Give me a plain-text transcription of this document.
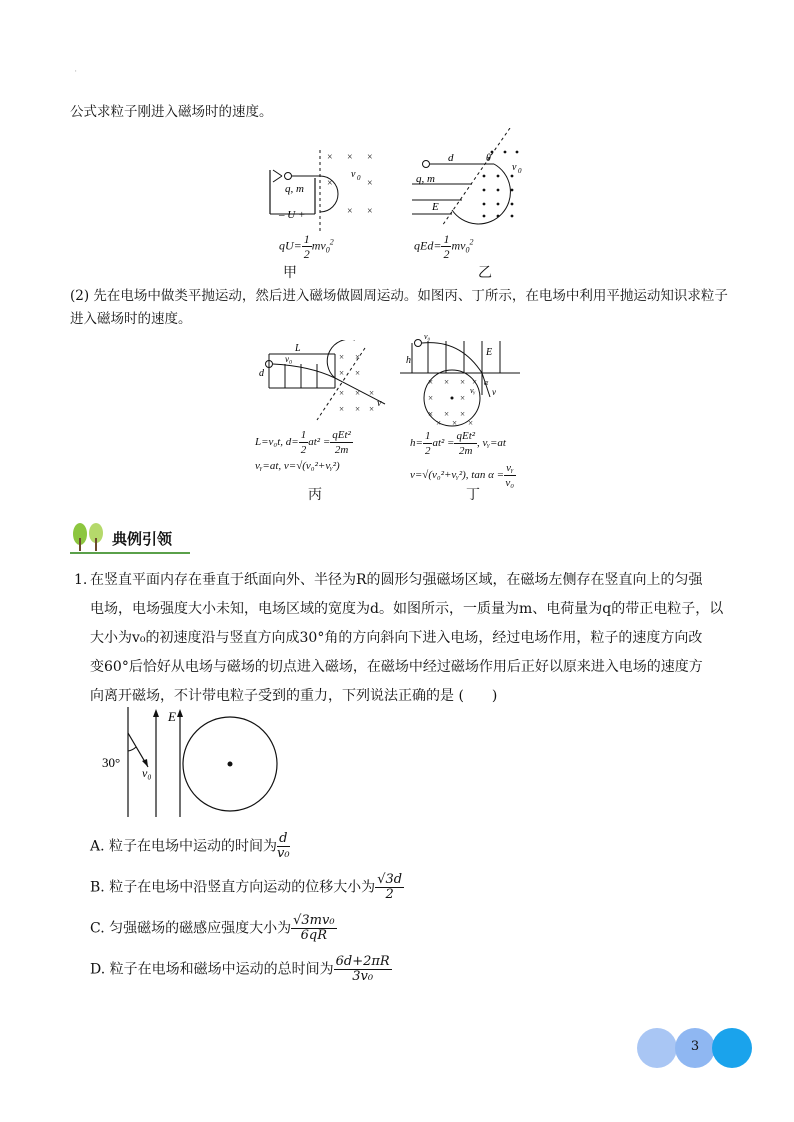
'
公式求粒子刚进入磁场时的速度。
× × ×
×	×
× ×
q, m
– U +
v 0
$qU= \frac{1}{2} mv_0^2$
甲
d
q, m
E
θ
v 0
$qEd= \frac{1}{2} mv_0^2$
乙
(2) 先在电场中做类平抛运动，然后进入磁场做圆周运动。如图丙、丁所示，在电场中利用平抛运动知识求粒子
进入磁场时的速度。
× ×
× ×
× × ×
× × ×
L
d
v₀
v
L=v₀t, $d= \frac{1}{2} at^2 = \frac{\text{qEt²}}{2m}$
vᵧ=at, v=√(v₀²+vᵧ²)
丙
× × × ×
×	×
× × ×
× × ×
h
E
v₀
v
vᵧ
α
$h= \frac{1}{2} at^2 = \frac{\text{qEt²}}{2m}$ , vᵧ=at
v=√(v₀²+vᵧ²), $\tan \alpha = \frac{\text{vᵧ}}{\text{v₀}}$
丁
典例引领
1. 在竖直平面内存在垂直于纸面向外、半径为R的圆形匀强磁场区域，在磁场左侧存在竖直向上的匀强
电场，电场强度大小未知，电场区域的宽度为d。如图所示，一质量为m、电荷量为q的带正电粒子，以
大小为v₀的初速度沿与竖直方向成30°角的方向斜向下进入电场，经过电场作用，粒子的速度方向改
变60°后恰好从电场与磁场的切点进入磁场，在磁场中经过磁场作用后正好以原来进入电场的速度方
向离开磁场，不计带电粒子受到的重力，下列说法正确的是 (　　)
30°
E
v₀
A. 粒子在电场中运动的时间为 $\frac{d}{\text{v₀}}$
B. 粒子在电场中沿竖直方向运动的位移大小为 $\frac{√3d}{2}$
C. 匀强磁场的磁感应强度大小为 $\frac{\text{√3mv₀}}{6qR}$
D. 粒子在电场和磁场中运动的总时间为 $\frac{6d+2\pi R}{\text{3v₀}}$
3
